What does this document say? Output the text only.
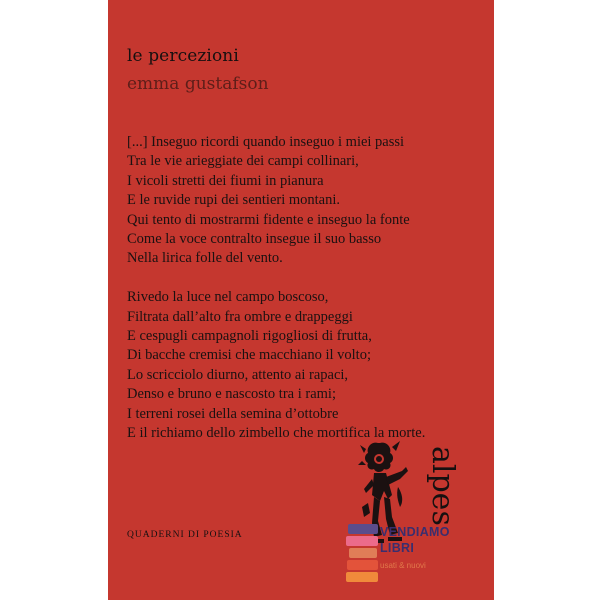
le percezioni
emma gustafson
[...] Inseguo ricordi quando inseguo i miei passi
Tra le vie arieggiate dei campi collinari,
I vicoli stretti dei fiumi in pianura
E le ruvide rupi dei sentieri montani.
Qui tento di mostrarmi fidente e inseguo la fonte
Come la voce contralto insegue il suo basso
Nella lirica folle del vento.
Rivedo la luce nel campo boscoso,
Filtrata dall’alto fra ombre e drappeggi
E cespugli campagnoli rigogliosi di frutta,
Di bacche cremisi che macchiano il volto;
Lo scricciolo diurno, attento ai rapaci,
Denso e bruno e nascosto tra i rami;
I terreni rosei della semina d’ottobre
E il richiamo dello zimbello che mortifica la morte.
QUADERNI DI POESIA
alpes
VENDIAMO
LIBRI
usati & nuovi
